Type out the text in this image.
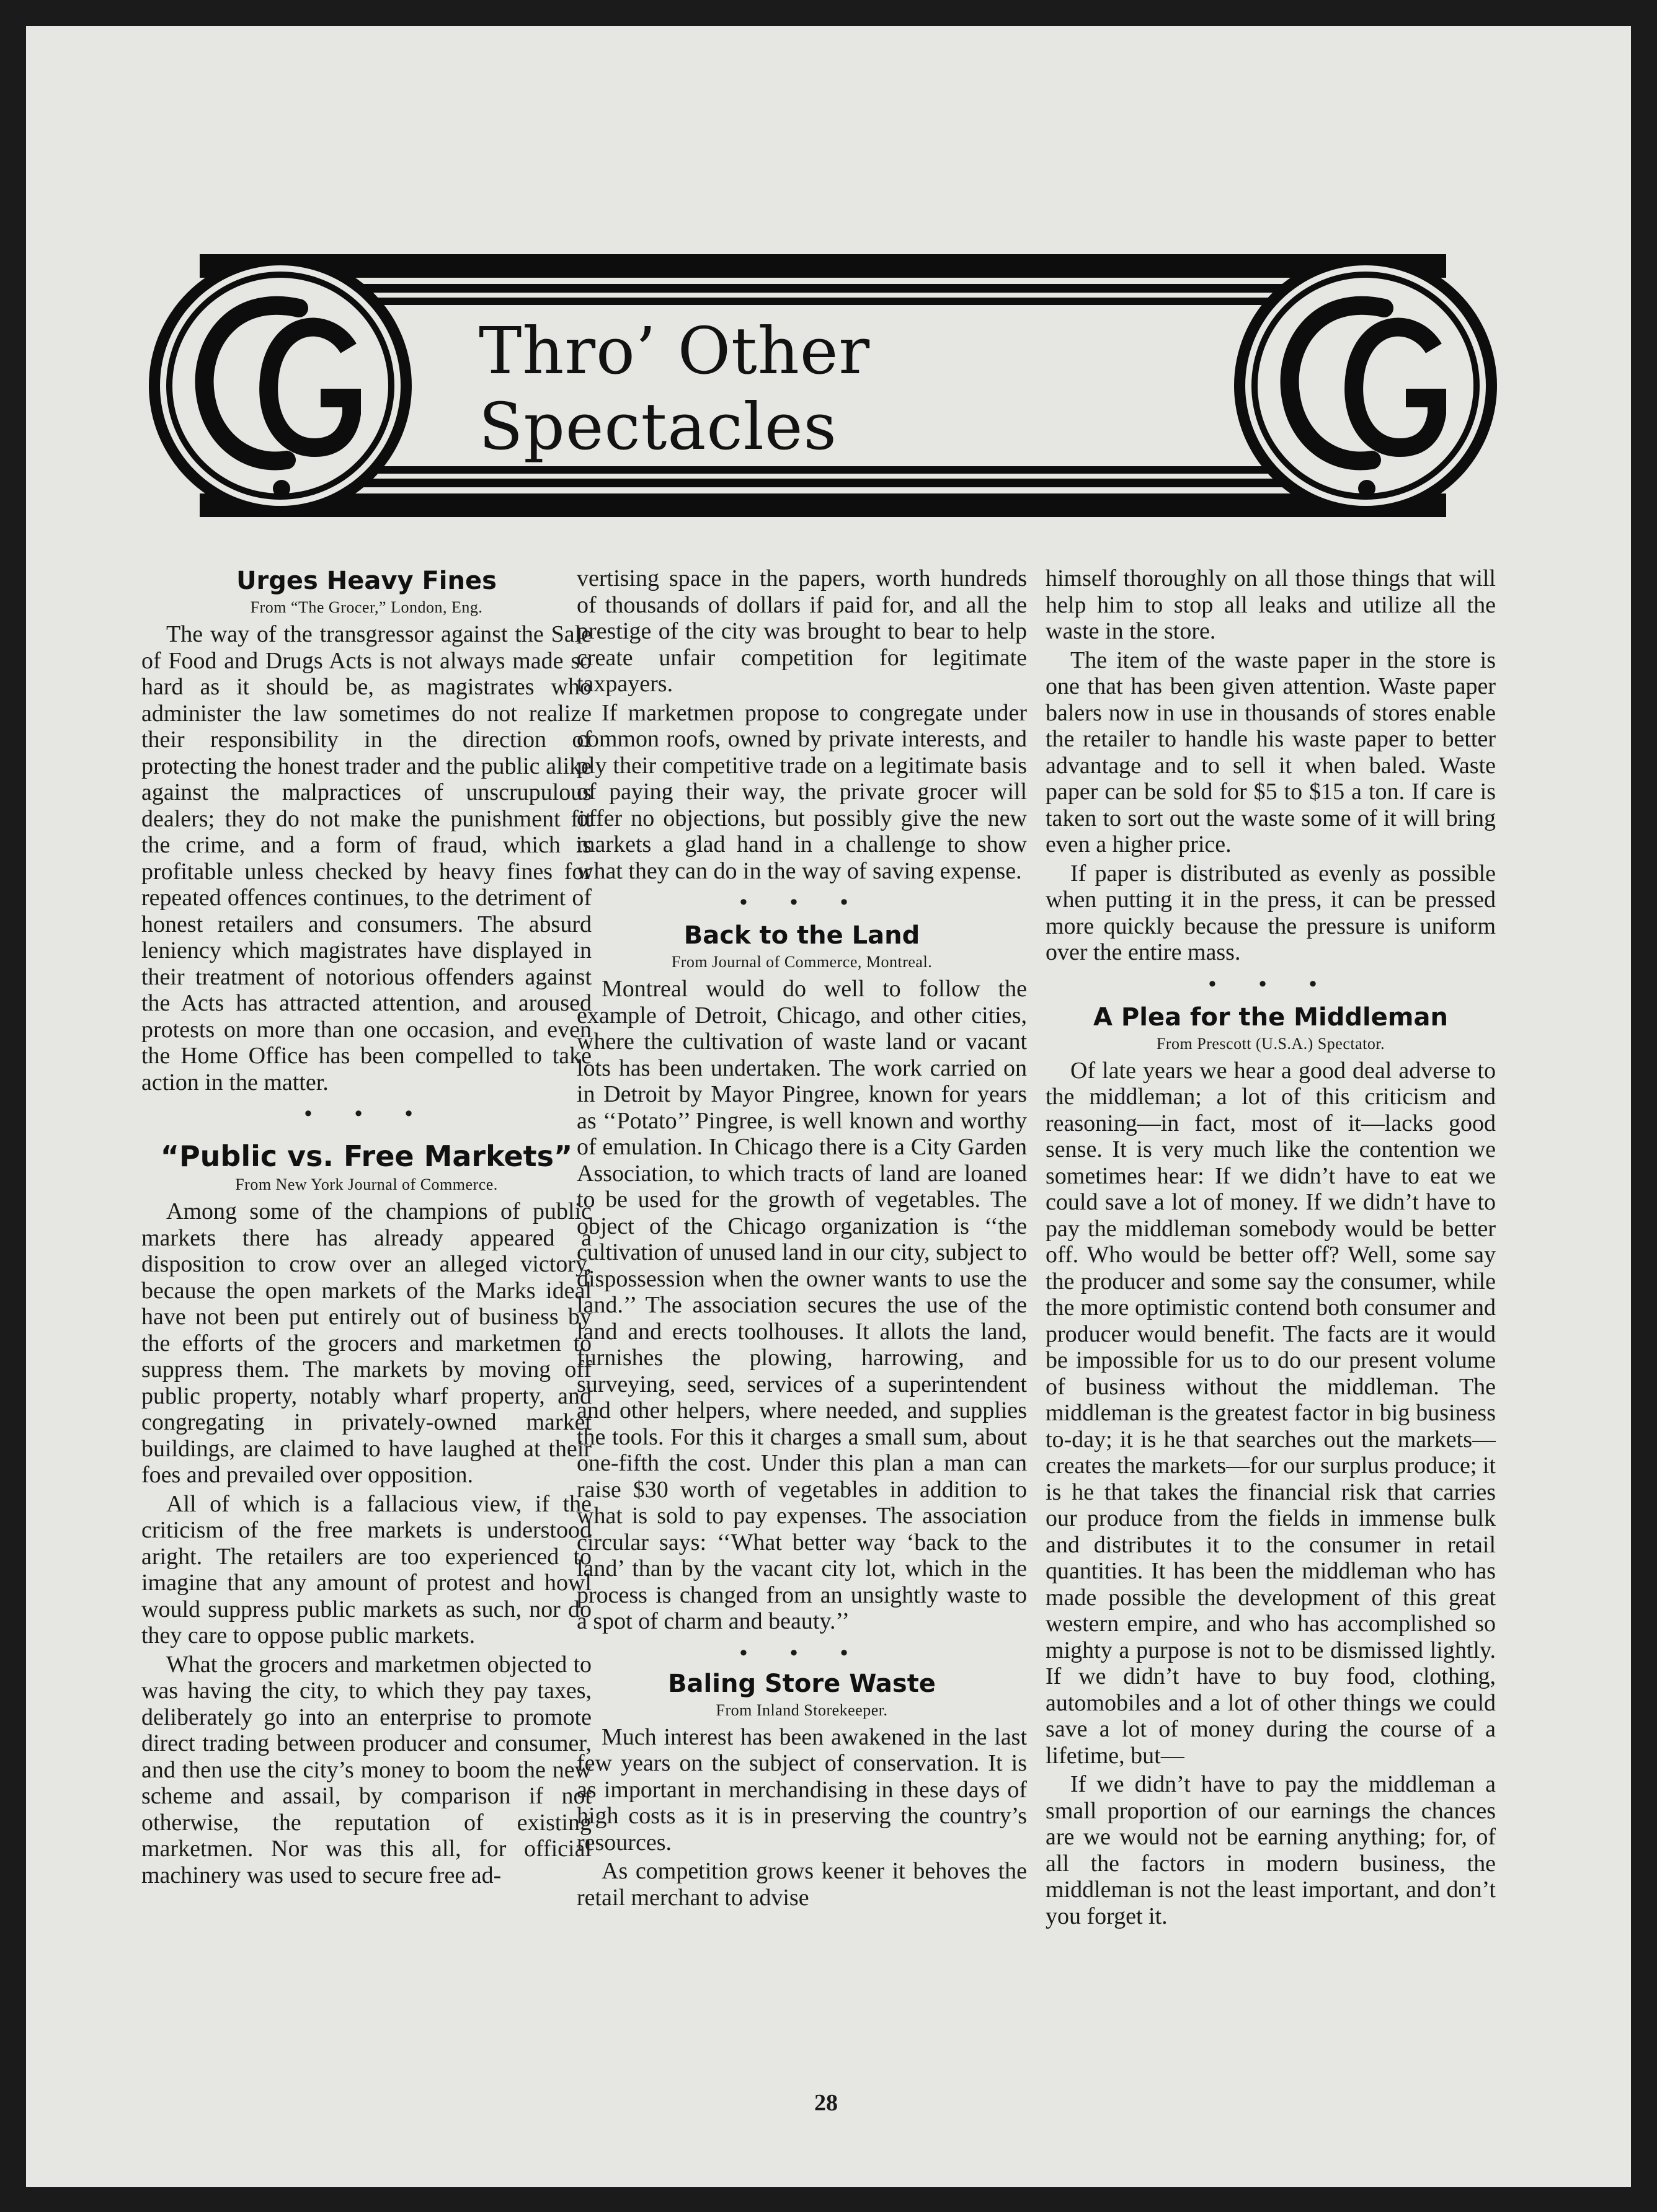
Thro’ Other Spectacles
Urges Heavy Fines
From “The Grocer,” London, Eng.

The way of the transgressor against the Sale of Food and Drugs Acts is not always made so hard as it should be, as magistrates who administer the law sometimes do not realize their responsibility in the direction of protecting the honest trader and the public alike against the malpractices of unscrupulous dealers; they do not make the punishment fit the crime, and a form of fraud, which is profitable unless checked by heavy fines for repeated offences continues, to the detriment of honest retailers and consumers. The absurd leniency which magistrates have displayed in their treatment of notorious offenders against the Acts has attracted attention, and aroused protests on more than one occasion, and even the Home Office has been compelled to take action in the matter.

• • •
“Public vs. Free Markets”
From New York Journal of Commerce.

Among some of the champions of public markets there has already appeared a disposition to crow over an alleged victory, because the open markets of the Marks ideal have not been put entirely out of business by the efforts of the grocers and marketmen to suppress them. The markets by moving off public property, notably wharf property, and congregating in privately-owned market buildings, are claimed to have laughed at their foes and prevailed over opposition.

All of which is a fallacious view, if the criticism of the free markets is understood aright. The retailers are too experienced to imagine that any amount of protest and howl would suppress public markets as such, nor do they care to oppose public markets.

What the grocers and marketmen objected to was having the city, to which they pay taxes, deliberately go into an enterprise to promote direct trading between producer and consumer, and then use the city’s money to boom the new scheme and assail, by comparison if not otherwise, the reputation of existing marketmen. Nor was this all, for official machinery was used to secure free ad-

vertising space in the papers, worth hundreds of thousands of dollars if paid for, and all the prestige of the city was brought to bear to help create unfair competition for legitimate taxpayers.

If marketmen propose to congregate under common roofs, owned by private interests, and ply their competitive trade on a legitimate basis of paying their way, the private grocer will offer no objections, but possibly give the new markets a glad hand in a challenge to show what they can do in the way of saving expense.

• • •
Back to the Land
From Journal of Commerce, Montreal.

Montreal would do well to follow the example of Detroit, Chicago, and other cities, where the cultivation of waste land or vacant lots has been undertaken. The work carried on in Detroit by Mayor Pingree, known for years as ‘‘Potato’’ Pingree, is well known and worthy of emulation. In Chicago there is a City Garden Association, to which tracts of land are loaned to be used for the growth of vegetables. The object of the Chicago organization is ‘‘the cultivation of unused land in our city, subject to dispossession when the owner wants to use the land.’’ The association secures the use of the land and erects toolhouses. It allots the land, furnishes the plowing, harrowing, and surveying, seed, services of a superintendent and other helpers, where needed, and supplies the tools. For this it charges a small sum, about one-fifth the cost. Under this plan a man can raise $30 worth of vegetables in addition to what is sold to pay expenses. The association circular says: ‘‘What better way ‘back to the land’ than by the vacant city lot, which in the process is changed from an unsightly waste to a spot of charm and beauty.’’

• • •
Baling Store Waste
From Inland Storekeeper.

Much interest has been awakened in the last few years on the subject of conservation. It is as important in merchandising in these days of high costs as it is in preserving the country’s resources.

As competition grows keener it behoves the retail merchant to advise

himself thoroughly on all those things that will help him to stop all leaks and utilize all the waste in the store.

The item of the waste paper in the store is one that has been given attention. Waste paper balers now in use in thousands of stores enable the retailer to handle his waste paper to better advantage and to sell it when baled. Waste paper can be sold for $5 to $15 a ton. If care is taken to sort out the waste some of it will bring even a higher price.

If paper is distributed as evenly as possible when putting it in the press, it can be pressed more quickly because the pressure is uniform over the entire mass.

• • •
A Plea for the Middleman
From Prescott (U.S.A.) Spectator.

Of late years we hear a good deal adverse to the middleman; a lot of this criticism and reasoning—in fact, most of it—lacks good sense. It is very much like the contention we sometimes hear: If we didn’t have to eat we could save a lot of money. If we didn’t have to pay the middleman somebody would be better off. Who would be better off? Well, some say the producer and some say the consumer, while the more optimistic contend both consumer and producer would benefit. The facts are it would be impossible for us to do our present volume of business without the middleman. The middleman is the greatest factor in big business to-day; it is he that searches out the markets—creates the markets—for our surplus produce; it is he that takes the financial risk that carries our produce from the fields in immense bulk and distributes it to the consumer in retail quantities. It has been the middleman who has made possible the development of this great western empire, and who has accomplished so mighty a purpose is not to be dismissed lightly. If we didn’t have to buy food, clothing, automobiles and a lot of other things we could save a lot of money during the course of a lifetime, but—

If we didn’t have to pay the middleman a small proportion of our earnings the chances are we would not be earning anything; for, of all the factors in modern business, the middleman is not the least important, and don’t you forget it.

28
